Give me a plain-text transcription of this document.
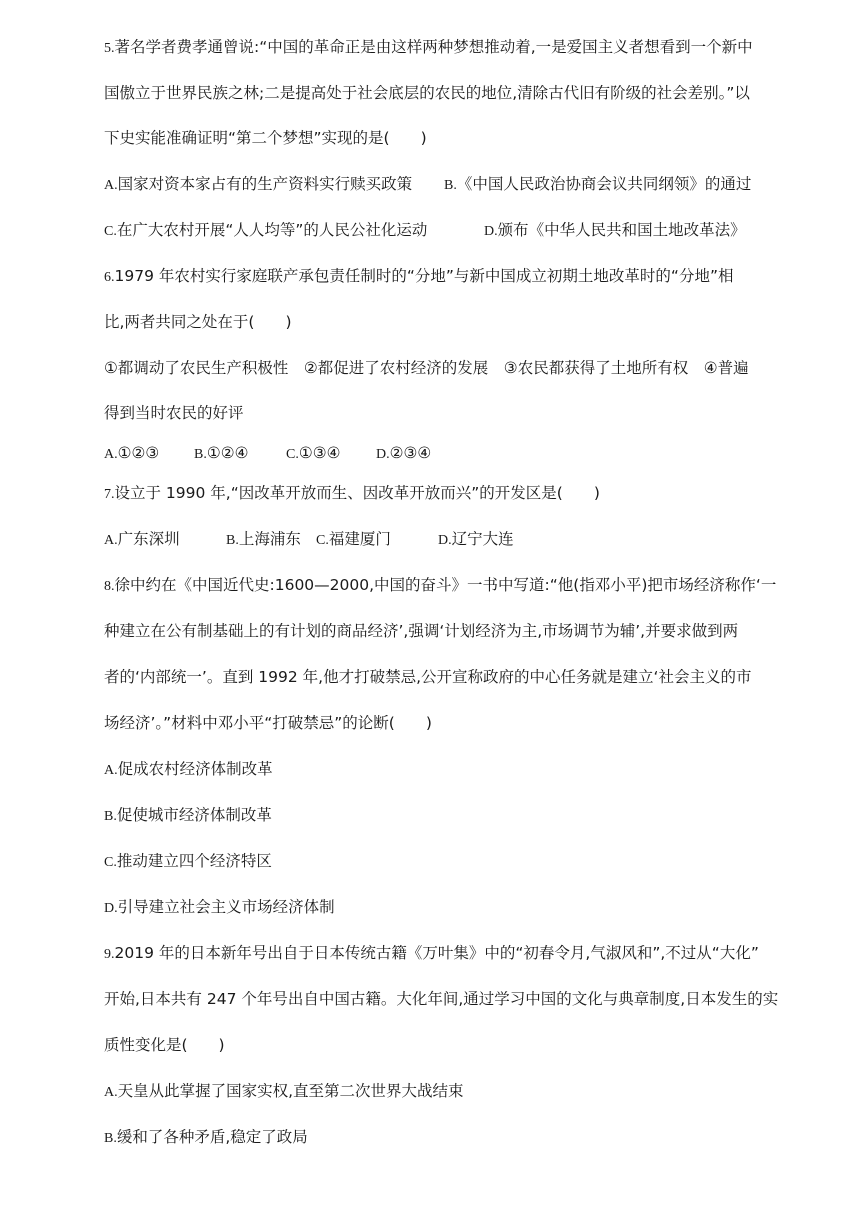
5.著名学者费孝通曾说:“中国的革命正是由这样两种梦想推动着,一是爱国主义者想看到一个新中
国傲立于世界民族之林;二是提高处于社会底层的农民的地位,清除古代旧有阶级的社会差别。”以
下史实能准确证明“第二个梦想”实现的是(　　)
A.国家对资本家占有的生产资料实行赎买政策 B.《中国人民政治协商会议共同纲领》的通过
C.在广大农村开展“人人均等”的人民公社化运动	D.颁布《中华人民共和国土地改革法》
6.1979 年农村实行家庭联产承包责任制时的“分地”与新中国成立初期土地改革时的“分地”相
比,两者共同之处在于(　　)
①都调动了农民生产积极性　②都促进了农村经济的发展　③农民都获得了土地所有权　④普遍
得到当时农民的好评
A.①②③ B.①②④	C.①③④	D.②③④
7.设立于 1990 年,“因改革开放而生、因改革开放而兴”的开发区是(　　)
A.广东深圳	B.上海浦东 C.福建厦门	D.辽宁大连
8.徐中约在《中国近代史:1600—2000,中国的奋斗》一书中写道:“他(指邓小平)把市场经济称作‘一
种建立在公有制基础上的有计划的商品经济’,强调‘计划经济为主,市场调节为辅’,并要求做到两
者的‘内部统一’。直到 1992 年,他才打破禁忌,公开宣称政府的中心任务就是建立‘社会主义的市
场经济’。”材料中邓小平“打破禁忌”的论断(　　)
A.促成农村经济体制改革
B.促使城市经济体制改革
C.推动建立四个经济特区
D.引导建立社会主义市场经济体制
9.2019 年的日本新年号出自于日本传统古籍《万叶集》中的“初春令月,气淑风和”,不过从“大化”
开始,日本共有 247 个年号出自中国古籍。大化年间,通过学习中国的文化与典章制度,日本发生的实
质性变化是(　　)
A.天皇从此掌握了国家实权,直至第二次世界大战结束
B.缓和了各种矛盾,稳定了政局
